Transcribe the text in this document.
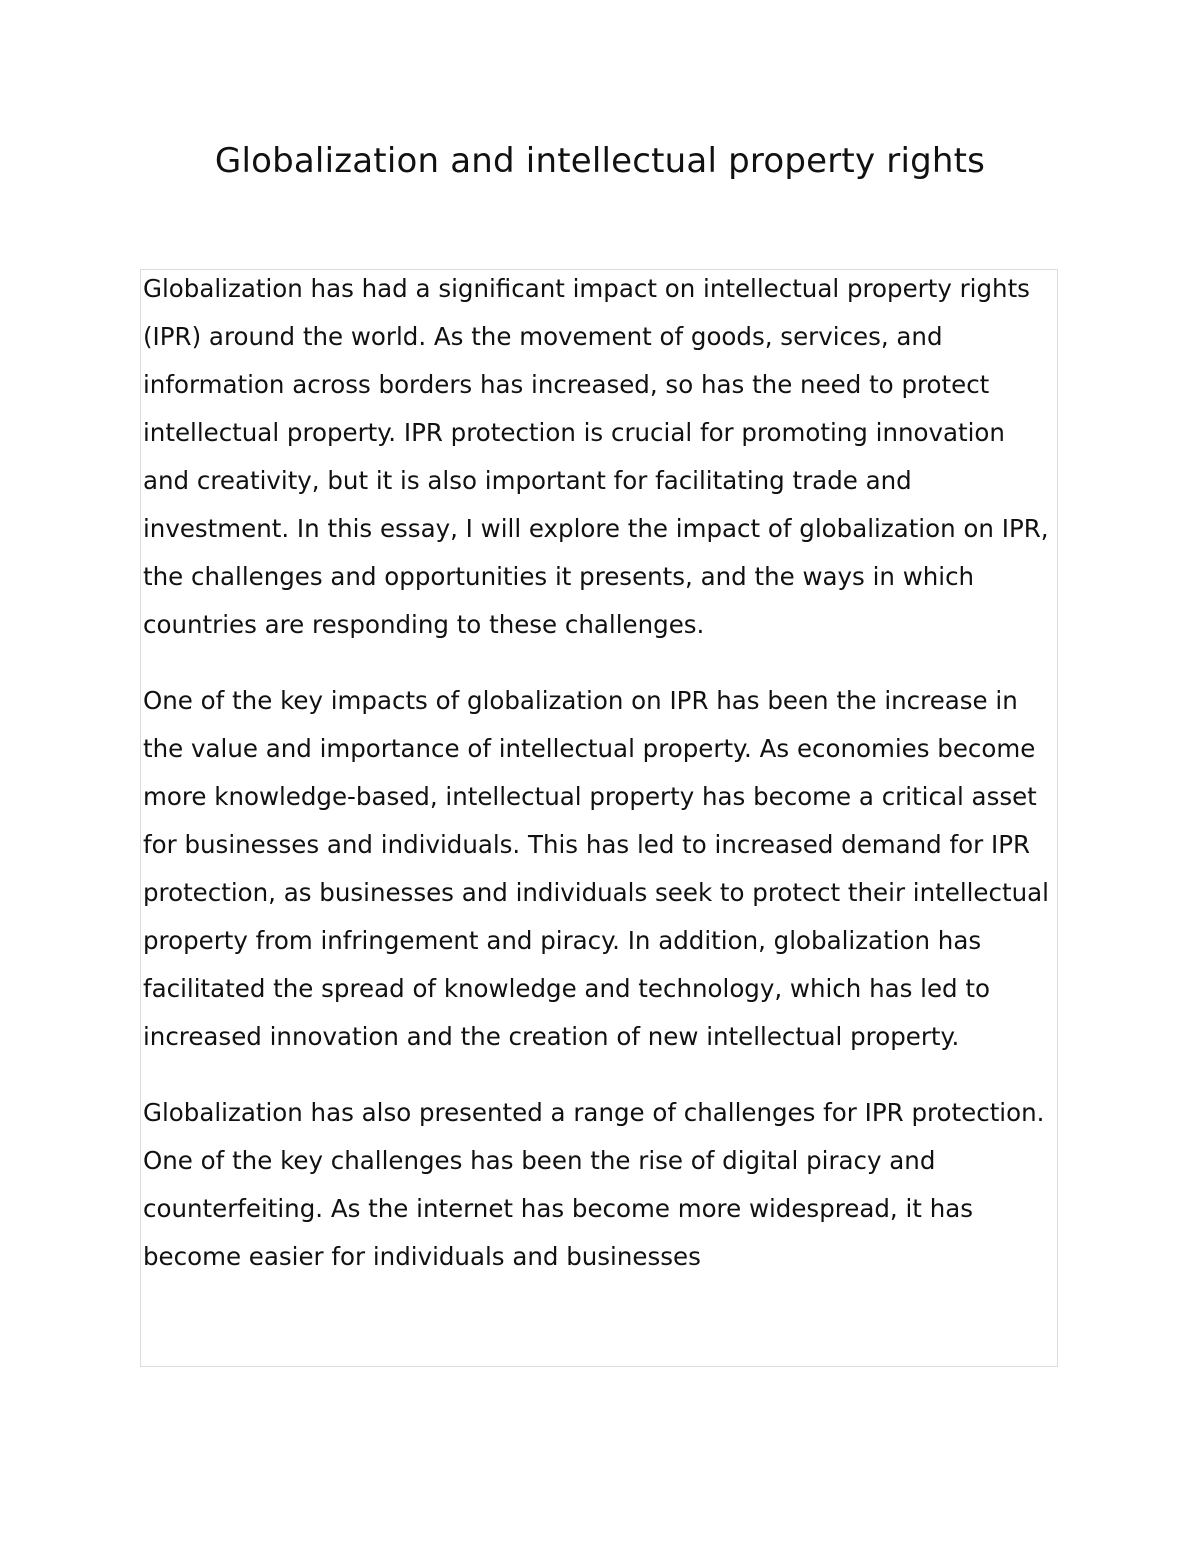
Globalization and intellectual property rights

Globalization has had a significant impact on intellectual property rights (IPR) around the world. As the movement of goods, services, and information across borders has increased, so has the need to protect intellectual property. IPR protection is crucial for promoting innovation and creativity, but it is also important for facilitating trade and investment. In this essay, I will explore the impact of globalization on IPR, the challenges and opportunities it presents, and the ways in which countries are responding to these challenges.

One of the key impacts of globalization on IPR has been the increase in the value and importance of intellectual property. As economies become more knowledge-based, intellectual property has become a critical asset for businesses and individuals. This has led to increased demand for IPR protection, as businesses and individuals seek to protect their intellectual property from infringement and piracy. In addition, globalization has facilitated the spread of knowledge and technology, which has led to increased innovation and the creation of new intellectual property.

Globalization has also presented a range of challenges for IPR protection. One of the key challenges has been the rise of digital piracy and counterfeiting. As the internet has become more widespread, it has become easier for individuals and businesses
